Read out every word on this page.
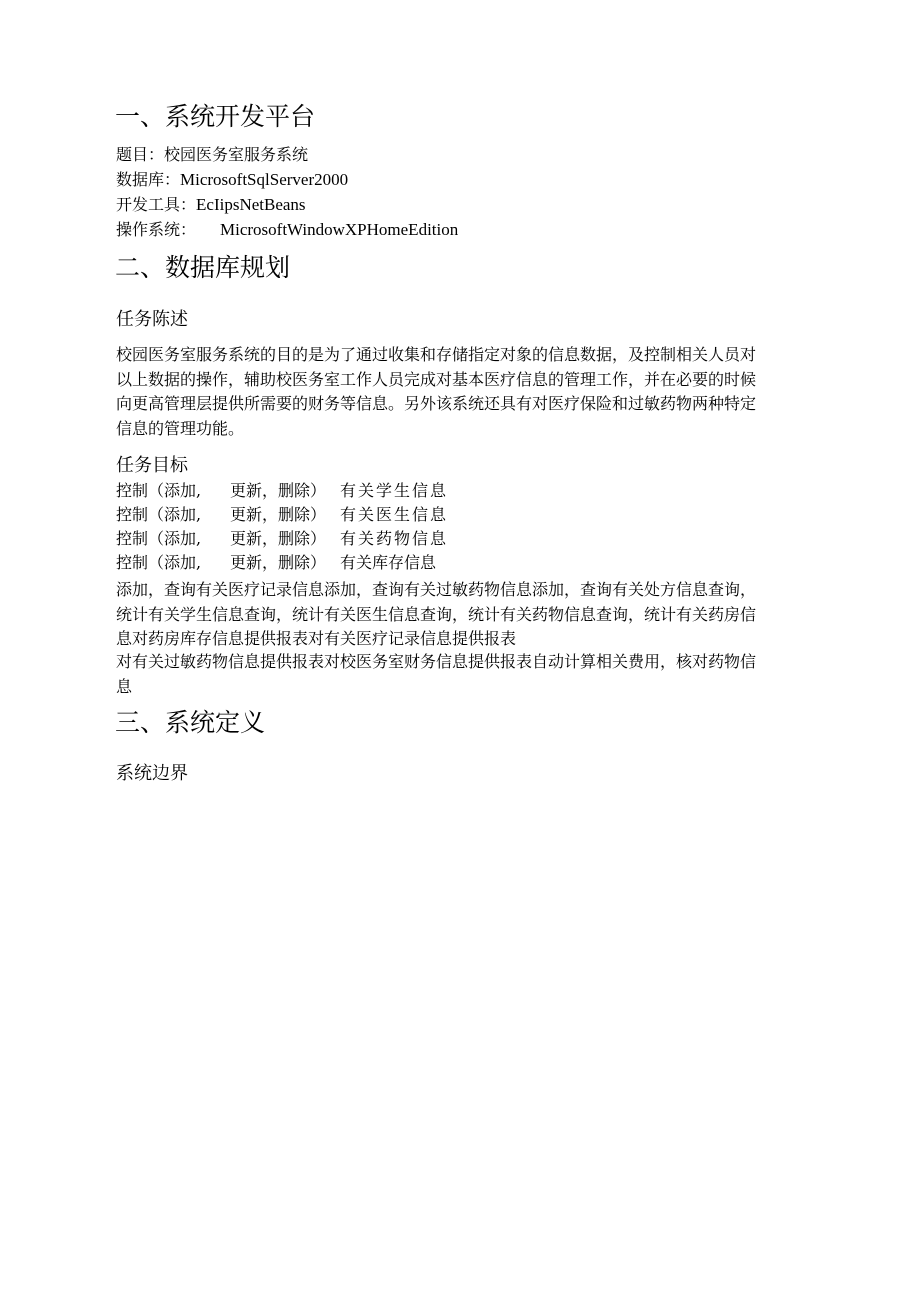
一、系统开发平台
题目：校园医务室服务系统
数据库：MicrosoftSqlServer2000
开发工具：EcIipsNetBeans
操作系统： MicrosoftWindowXPHomeEdition
二、数据库规划
任务陈述
校园医务室服务系统的目的是为了通过收集和存储指定对象的信息数据，及控制相关人员对
以上数据的操作，辅助校医务室工作人员完成对基本医疗信息的管理工作，并在必要的时候
向更高管理层提供所需要的财务等信息。另外该系统还具有对医疗保险和过敏药物两种特定
信息的管理功能。
任务目标
控制（添加, 更新，删除） 有关学生信息
控制（添加, 更新，删除） 有关医生信息
控制（添加, 更新，删除） 有关药物信息
控制（添加, 更新，删除） 有关库存信息
添加，查询有关医疗记录信息添加，查询有关过敏药物信息添加，查询有关处方信息查询，
统计有关学生信息查询，统计有关医生信息查询，统计有关药物信息查询，统计有关药房信
息对药房库存信息提供报表对有关医疗记录信息提供报表
对有关过敏药物信息提供报表对校医务室财务信息提供报表自动计算相关费用，核对药物信
息
三、系统定义
系统边界
